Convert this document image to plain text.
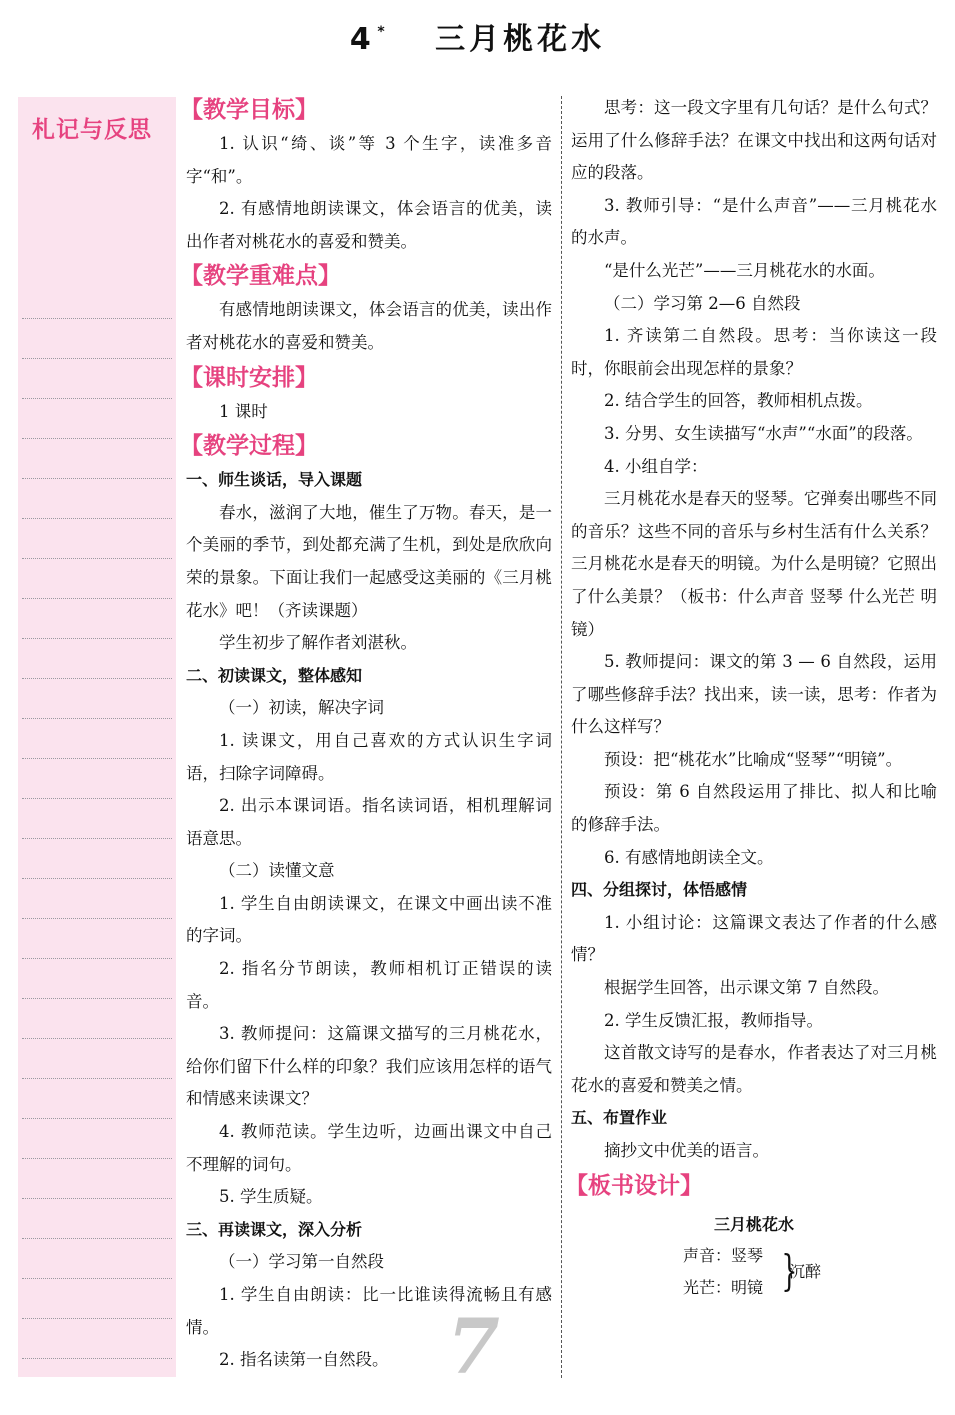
4 * 三月桃花水
札记与反思
【教学目标】

1. 认识“绮、谈”等 3 个生字，读准多音字“和”。

2. 有感情地朗读课文，体会语言的优美，读出作者对桃花水的喜爱和赞美。

【教学重难点】

有感情地朗读课文，体会语言的优美，读出作者对桃花水的喜爱和赞美。

【课时安排】

1 课时

【教学过程】

一、师生谈话，导入课题

春水，滋润了大地，催生了万物。春天，是一个美丽的季节，到处都充满了生机，到处是欣欣向荣的景象。下面让我们一起感受这美丽的《三月桃花水》吧！（齐读课题）

学生初步了解作者刘湛秋。

二、初读课文，整体感知

（一）初读，解决字词

1. 读课文，用自己喜欢的方式认识生字词语，扫除字词障碍。

2. 出示本课词语。指名读词语，相机理解词语意思。

（二）读懂文意

1. 学生自由朗读课文，在课文中画出读不准的字词。

2. 指名分节朗读，教师相机订正错误的读音。

3. 教师提问：这篇课文描写的三月桃花水，给你们留下什么样的印象？我们应该用怎样的语气和情感来读课文？

4. 教师范读。学生边听，边画出课文中自己不理解的词句。

5. 学生质疑。

三、再读课文，深入分析

（一）学习第一自然段

1. 学生自由朗读：比一比谁读得流畅且有感情。

2. 指名读第一自然段。

思考：这一段文字里有几句话？是什么句式？运用了什么修辞手法？在课文中找出和这两句话对应的段落。

3. 教师引导：“是什么声音”——三月桃花水的水声。

“是什么光芒”——三月桃花水的水面。

（二）学习第 2—6 自然段

1. 齐读第二自然段。思考：当你读这一段时，你眼前会出现怎样的景象？

2. 结合学生的回答，教师相机点拨。

3. 分男、女生读描写“水声”“水面”的段落。

4. 小组自学：

三月桃花水是春天的竖琴。它弹奏出哪些不同的音乐？这些不同的音乐与乡村生活有什么关系？三月桃花水是春天的明镜。为什么是明镜？它照出了什么美景？（板书：什么声音 竖琴 什么光芒 明镜）

5. 教师提问：课文的第 3 — 6 自然段，运用了哪些修辞手法？找出来，读一读，思考：作者为什么这样写？

预设：把“桃花水”比喻成“竖琴”“明镜”。

预设：第 6 自然段运用了排比、拟人和比喻的修辞手法。

6. 有感情地朗读全文。

四、分组探讨，体悟感情

1. 小组讨论：这篇课文表达了作者的什么感情？

根据学生回答，出示课文第 7 自然段。

2. 学生反馈汇报，教师指导。

这首散文诗写的是春水，作者表达了对三月桃花水的喜爱和赞美之情。

五、布置作业

摘抄文中优美的语言。

【板书设计】
三月桃花水
声音：竖琴
光芒：明镜 }
沉醉
7
